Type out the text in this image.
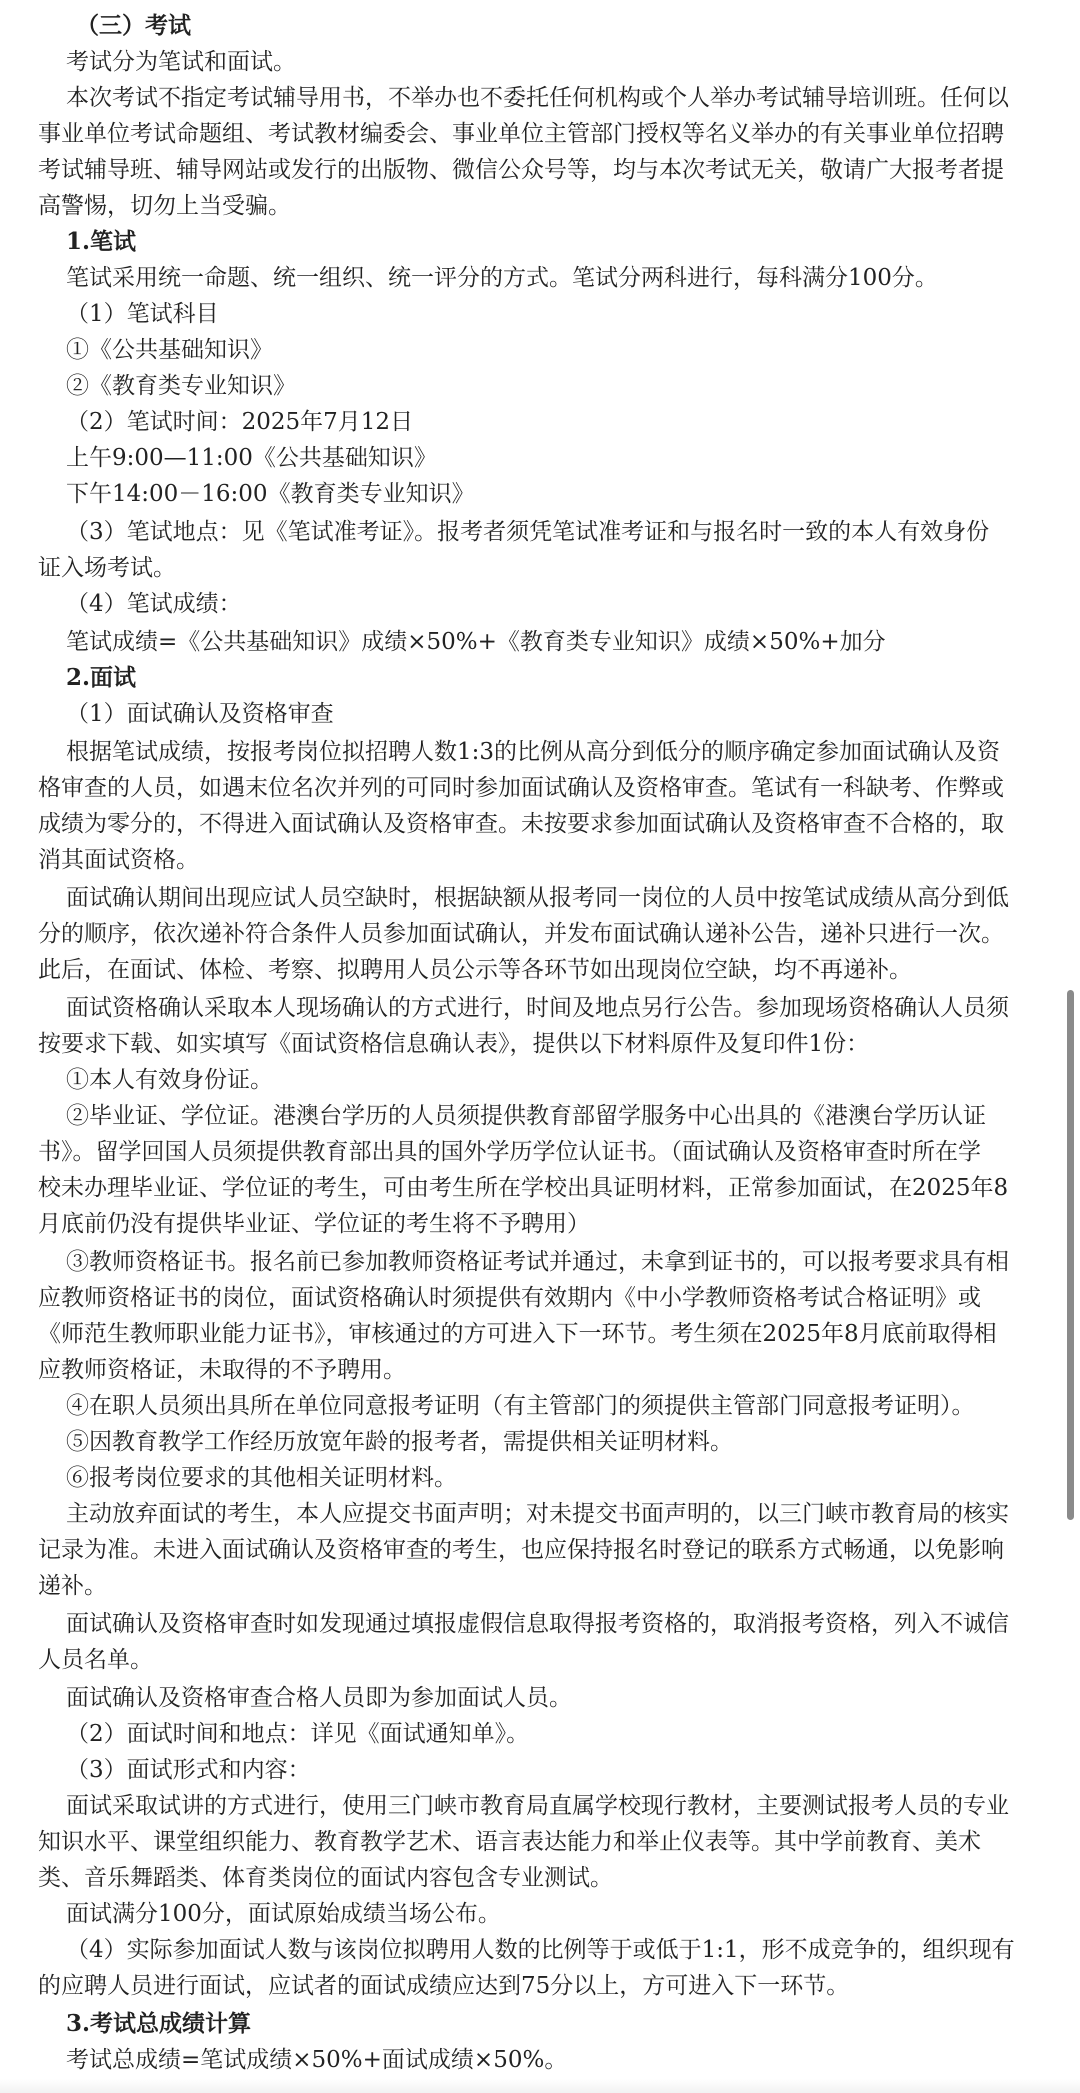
（三）考试
考试分为笔试和面试。
本次考试不指定考试辅导用书，不举办也不委托任何机构或个人举办考试辅导培训班。任何以
事业单位考试命题组、考试教材编委会、事业单位主管部门授权等名义举办的有关事业单位招聘
考试辅导班、辅导网站或发行的出版物、微信公众号等，均与本次考试无关，敬请广大报考者提
高警惕，切勿上当受骗。
1.笔试
笔试采用统一命题、统一组织、统一评分的方式。笔试分两科进行，每科满分100分。
（1）笔试科目
①《公共基础知识》
②《教育类专业知识》
（2）笔试时间：2025年7月12日
上午9:00—11:00《公共基础知识》
下午14:00－16:00《教育类专业知识》
（3）笔试地点：见《笔试准考证》。报考者须凭笔试准考证和与报名时一致的本人有效身份
证入场考试。
（4）笔试成绩：
笔试成绩=《公共基础知识》成绩×50%+《教育类专业知识》成绩×50%+加分
2.面试
（1）面试确认及资格审查
根据笔试成绩，按报考岗位拟招聘人数1:3的比例从高分到低分的顺序确定参加面试确认及资
格审查的人员，如遇末位名次并列的可同时参加面试确认及资格审查。笔试有一科缺考、作弊或
成绩为零分的，不得进入面试确认及资格审查。未按要求参加面试确认及资格审查不合格的，取
消其面试资格。
面试确认期间出现应试人员空缺时，根据缺额从报考同一岗位的人员中按笔试成绩从高分到低
分的顺序，依次递补符合条件人员参加面试确认，并发布面试确认递补公告，递补只进行一次。
此后，在面试、体检、考察、拟聘用人员公示等各环节如出现岗位空缺，均不再递补。
面试资格确认采取本人现场确认的方式进行，时间及地点另行公告。参加现场资格确认人员须
按要求下载、如实填写《面试资格信息确认表》，提供以下材料原件及复印件1份：
①本人有效身份证。
②毕业证、学位证。港澳台学历的人员须提供教育部留学服务中心出具的《港澳台学历认证
书》。留学回国人员须提供教育部出具的国外学历学位认证书。（面试确认及资格审查时所在学
校未办理毕业证、学位证的考生，可由考生所在学校出具证明材料，正常参加面试，在2025年8
月底前仍没有提供毕业证、学位证的考生将不予聘用）
③教师资格证书。报名前已参加教师资格证考试并通过，未拿到证书的，可以报考要求具有相
应教师资格证书的岗位，面试资格确认时须提供有效期内《中小学教师资格考试合格证明》或
《师范生教师职业能力证书》，审核通过的方可进入下一环节。考生须在2025年8月底前取得相
应教师资格证，未取得的不予聘用。
④在职人员须出具所在单位同意报考证明（有主管部门的须提供主管部门同意报考证明）。
⑤因教育教学工作经历放宽年龄的报考者，需提供相关证明材料。
⑥报考岗位要求的其他相关证明材料。
主动放弃面试的考生，本人应提交书面声明；对未提交书面声明的，以三门峡市教育局的核实
记录为准。未进入面试确认及资格审查的考生，也应保持报名时登记的联系方式畅通，以免影响
递补。
面试确认及资格审查时如发现通过填报虚假信息取得报考资格的，取消报考资格，列入不诚信
人员名单。
面试确认及资格审查合格人员即为参加面试人员。
（2）面试时间和地点：详见《面试通知单》。
（3）面试形式和内容：
面试采取试讲的方式进行，使用三门峡市教育局直属学校现行教材，主要测试报考人员的专业
知识水平、课堂组织能力、教育教学艺术、语言表达能力和举止仪表等。其中学前教育、美术
类、音乐舞蹈类、体育类岗位的面试内容包含专业测试。
面试满分100分，面试原始成绩当场公布。
（4）实际参加面试人数与该岗位拟聘用人数的比例等于或低于1:1，形不成竞争的，组织现有
的应聘人员进行面试，应试者的面试成绩应达到75分以上，方可进入下一环节。
3.考试总成绩计算
考试总成绩=笔试成绩×50%+面试成绩×50%。
